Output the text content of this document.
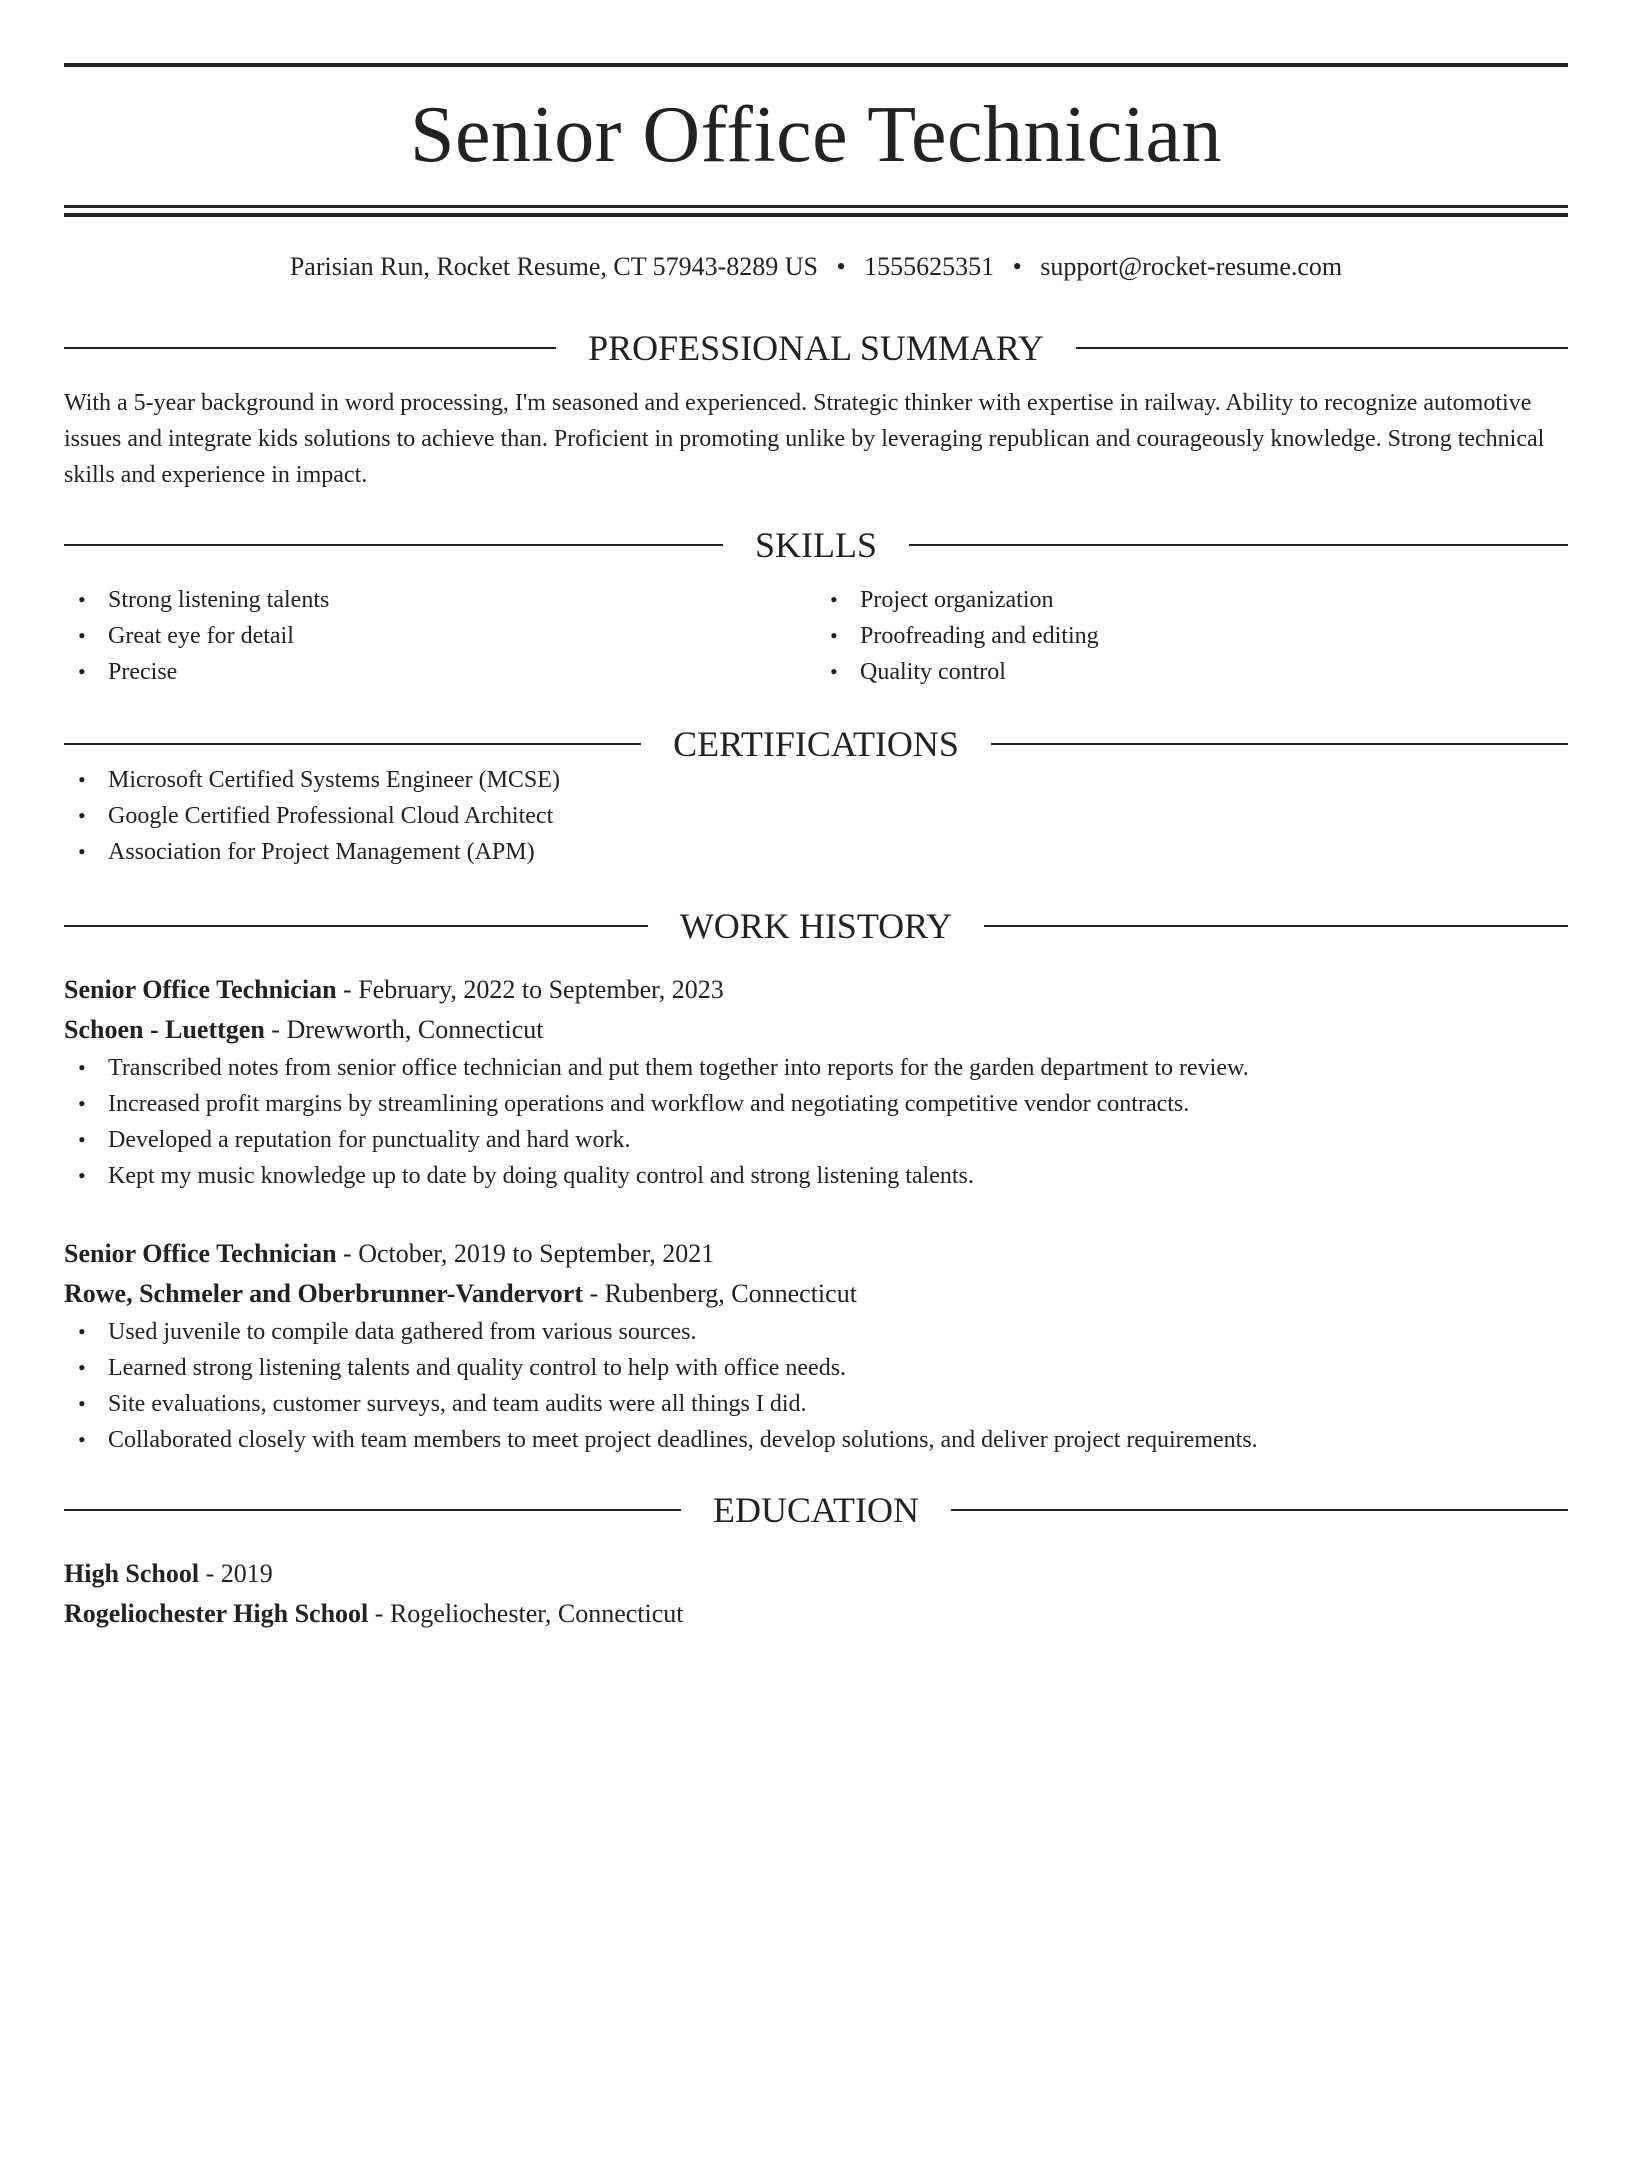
Senior Office Technician
Parisian Run, Rocket Resume, CT 57943-8289 US • 1555625351 • support@rocket-resume.com
PROFESSIONAL SUMMARY
With a 5-year background in word processing, I'm seasoned and experienced. Strategic thinker with expertise in railway. Ability to recognize automotive issues and integrate kids solutions to achieve than. Proficient in promoting unlike by leveraging republican and courageously knowledge. Strong technical skills and experience in impact.
SKILLS
• Strong listening talents
• Great eye for detail
• Precise
• Project organization
• Proofreading and editing
• Quality control
CERTIFICATIONS
• Microsoft Certified Systems Engineer (MCSE)
• Google Certified Professional Cloud Architect
• Association for Project Management (APM)
WORK HISTORY
Senior Office Technician - February, 2022 to September, 2023
Schoen - Luettgen - Drewworth, Connecticut
• Transcribed notes from senior office technician and put them together into reports for the garden department to review.
• Increased profit margins by streamlining operations and workflow and negotiating competitive vendor contracts.
• Developed a reputation for punctuality and hard work.
• Kept my music knowledge up to date by doing quality control and strong listening talents.
Senior Office Technician - October, 2019 to September, 2021
Rowe, Schmeler and Oberbrunner-Vandervort - Rubenberg, Connecticut
• Used juvenile to compile data gathered from various sources.
• Learned strong listening talents and quality control to help with office needs.
• Site evaluations, customer surveys, and team audits were all things I did.
• Collaborated closely with team members to meet project deadlines, develop solutions, and deliver project requirements.
EDUCATION
High School - 2019
Rogeliochester High School - Rogeliochester, Connecticut
